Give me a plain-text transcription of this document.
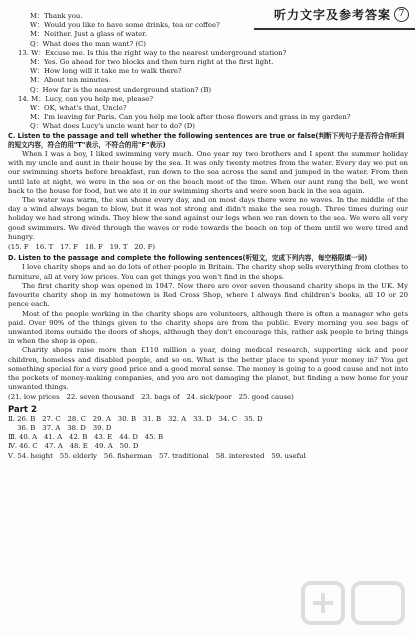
听力文字及参考答案 7
M：Thank you.
W：Would you like to have some drinks, tea or coffee?
M：Neither. Just a glass of water.
Q：What does the man want? (C)
13. W：Excuse me. Is this the right way to the nearest underground station?
M：Yes. Go ahead for two blocks and then turn right at the first light.
W：How long will it take me to walk there?
M：About ten minutes.
Q：How far is the nearest underground station? (B)
14. M：Lucy, can you help me, please?
W：OK, what's that, Uncle?
M：I'm leaving for Paris. Can you help me look after those flowers and grass in my garden?
Q：What does Lucy's uncle want her to do? (D)
C. Listen to the passage and tell whether the following sentences are true or false(判断下列句子是否符合你听到的短文内容，符合的用"T"表示，不符合的用"F"表示)

When I was a boy, I liked swimming very much. One year my two brothers and I spent the summer holiday with my uncle and aunt in their house by the sea. It was only twenty metres from the water. Every day we put on our swimming shorts before breakfast, ran down to the sea across the sand and jumped in the water. From then until late at night, we were in the sea or on the beach most of the time. When our aunt rang the bell, we went back to the house for food, but we ate it in our swimming shorts and were soon back in the sea again.

The water was warm, the sun shone every day, and on most days there were no waves. In the middle of the day a wind always began to blow, but it was not strong and didn't make the sea rough. Three times during our holiday we had strong winds. They blew the sand against our legs when we ran down to the sea. We were all very good swimmers. We dived through the waves or rode towards the beach on top of them until we were tired and hungry.

(15. F　16. T　17. F　18. F　19. T　20. F)
D. Listen to the passage and complete the following sentences(听短文，完成下列内容，每空格限填一词)

I love charity shops and so do lots of other people in Britain. The charity shop sells everything from clothes to furniture, all at very low prices. You can get things you won't find in the shops.

The first charity shop was opened in 1947. Now there are over seven thousand charity shops in the UK. My favourite charity shop in my hometown is Red Cross Shop, where I always find children's books, all 10 or 20 pence each.

Most of the people working in the charity shops are volunteers, although there is often a manager who gets paid. Over 90% of the things given to the charity shops are from the public. Every morning you see bags of unwanted items outside the doors of shops, although they don't encourage this, rather ask people to bring things in when the shop is open.

Charity shops raise more than £110 million a year, doing medical research, supporting sick and poor children, homeless and disabled people, and so on. What is the better place to spend your money in? You get something special for a very good price and a good moral sense. The money is going to a good cause and not into the pockets of money-making companies, and you are not damaging the planet, but finding a new home for your unwanted things.

(21. low prices　22. seven thousand　23. bags of　24. sick/poor　25. good cause)
Part 2
Ⅱ. 26. B　27. C　28. C　29. A　30. B　31. B　32. A　33. D　34. C　35. D
　 36. B　37. A　38. D　39. D
Ⅲ. 40. A　41. A　42. B　43. E　44. D　45. B
Ⅳ. 46. C　47. A　48. E　49. A　50. D
Ⅴ. 54. height　55. elderly　56. fisherman　57. traditional　58. interested　59. useful
